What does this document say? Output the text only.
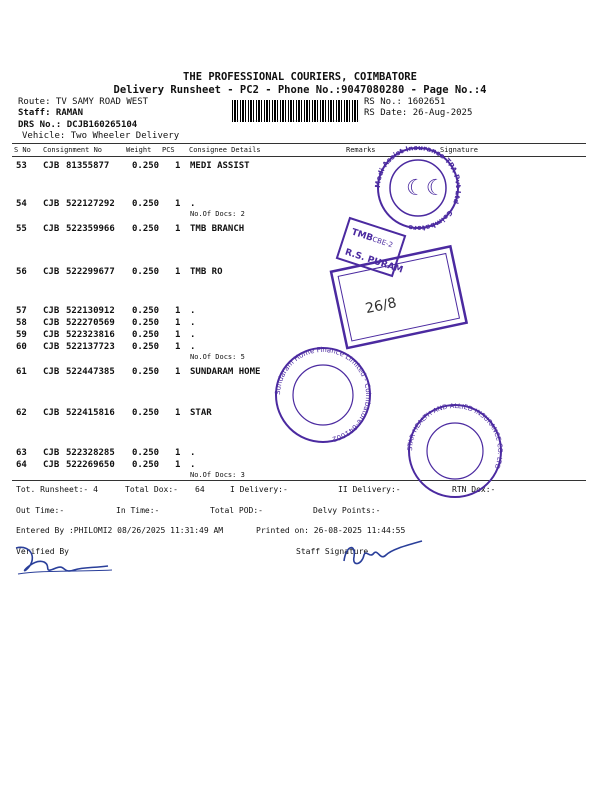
THE PROFESSIONAL COURIERS, COIMBATORE
Delivery Runsheet - PC2 - Phone No.:9047080280 - Page No.:4
Route: TV SAMY ROAD WEST
Staff: RAMAN
DRS No.: DCJB160265104
Vehicle: Two Wheeler Delivery
RS No.: 1602651
RS Date: 26-Aug-2025
S No Consignment No	Weight PCS Consignee Details	Remarks	Signature
53 CJB 81355877	0.250 1 MEDI ASSIST
54 CJB 522127292 0.250 1 .
No.Of Docs: 2
55 CJB 522359966 0.250 1 TMB BRANCH
56 CJB 522299677 0.250 1 TMB RO
57 CJB 522130912 0.250 1 .
58 CJB 522270569 0.250 1 .
59 CJB 522323816 0.250 1 .
60 CJB 522137723 0.250 1 .
No.Of Docs: 5
61 CJB 522447385 0.250 1 SUNDARAM HOME
62 CJB 522415816 0.250 1 STAR
63 CJB 522328285 0.250 1 .
64 CJB 522269650 0.250 1 .
No.Of Docs: 3
Tot. Runsheet:- 4	Total Dox:- 64	I Delivery:-	II Delivery:-	RTN Dox:-
Out Time:-	In Time:-	Total POD:-	Delvy Points:-
Entered By :PHILOMI2 08/26/2025 11:31:49 AM	Printed on: 26-08-2025 11:44:55
Verified By	Staff Signature
Medi Assist Insurance TPA Pvt Ltd - Coimbatore
☾☾
TMB
CBE-2
R.S. PURAM
26/8
Sundaram Home Finance Limited - Coimbatore-641002
STAR HEALTH AND ALLIED INSURANCE CO. LTD
